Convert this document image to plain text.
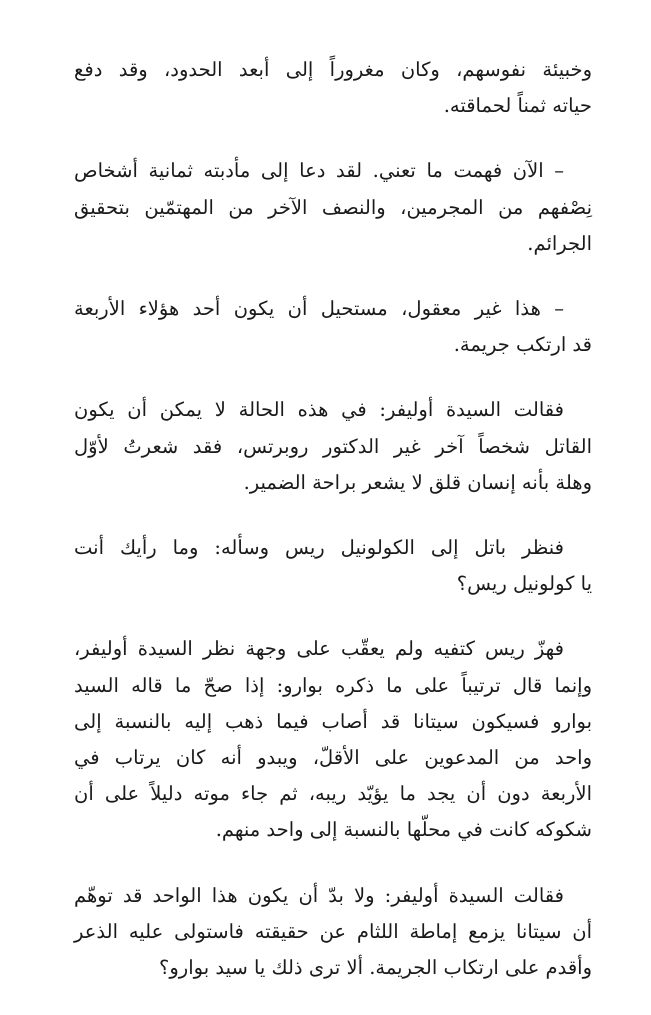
وخبيئة نفوسهم، وكان مغروراً إلى أبعد الحدود، وقد دفع
حياته ثمناً لحماقته.

– الآن فهمت ما تعني. لقد دعا إلى مأدبته ثمانية أشخاص
نِصْفهم من المجرمين، والنصف الآخر من المهتمّين بتحقيق
الجرائم.

– هذا غير معقول، مستحيل أن يكون أحد هؤلاء الأربعة
قد ارتكب جريمة.

فقالت السيدة أوليفر: في هذه الحالة لا يمكن أن يكون
القاتل شخصاً آخر غير الدكتور روبرتس، فقد شعرتُ لأوّل
وهلة بأنه إنسان قلق لا يشعر براحة الضمير.

فنظر باتل إلى الكولونيل ريس وسأله: وما رأيك أنت
يا كولونيل ريس؟

فهزّ ريس كتفيه ولم يعقّب على وجهة نظر السيدة أوليفر،
وإنما قال ترتيباً على ما ذكره بوارو: إذا صحّ ما قاله السيد
بوارو فسيكون سيتانا قد أصاب فيما ذهب إليه بالنسبة إلى
واحد من المدعوين على الأقلّ، ويبدو أنه كان يرتاب في
الأربعة دون أن يجد ما يؤيّد ريبه، ثم جاء موته دليلاً على أن
شكوكه كانت في محلّها بالنسبة إلى واحد منهم.

فقالت السيدة أوليفر: ولا بدّ أن يكون هذا الواحد قد توهّم
أن سيتانا يزمع إماطة اللثام عن حقيقته فاستولى عليه الذعر
وأقدم على ارتكاب الجريمة. ألا ترى ذلك يا سيد بوارو؟
